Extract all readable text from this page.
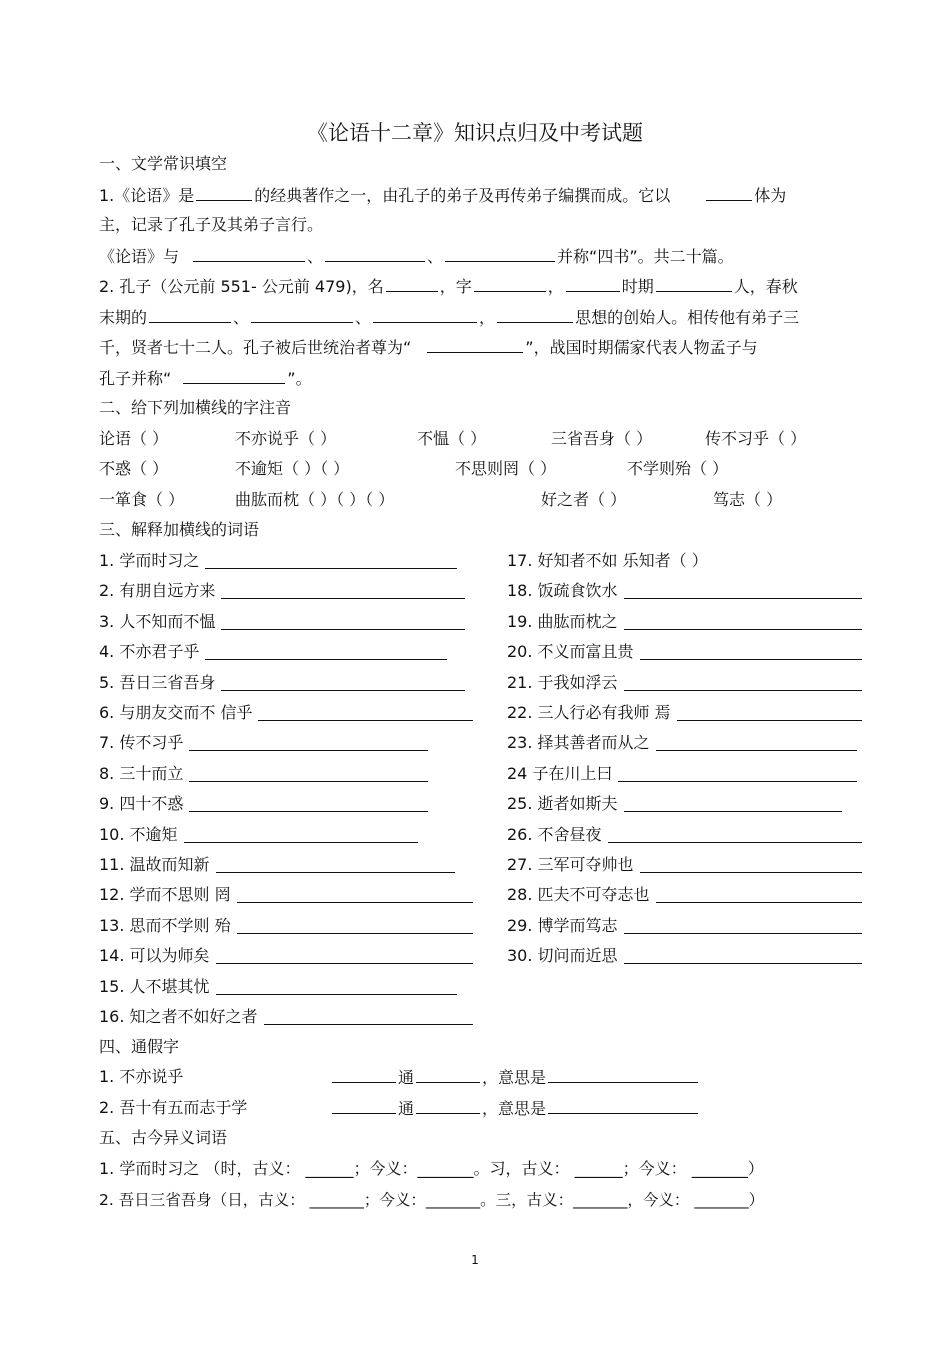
《论语十二章》知识点归及中考试题
一、文学常识填空
1.《论语》是	的经典著作之一，由孔子的弟子及再传弟子编撰而成。它以	体为
主，记录了孔子及其弟子言行。
《论语》与	、	、	并称“四书”。共二十篇。
2. 孔子（公元前 551- 公元前 479)，名	，字	，	时期	人，春秋
末期的	、	、	，	思想的创始人。相传他有弟子三
千，贤者七十二人。孔子被后世统治者尊为“	”，战国时期儒家代表人物孟子与
孔子并称“	”。
二、给下列加横线的字注音
论语（ ）	不亦说乎（ ）	不愠（ ）	三省吾身（ ）	传不习乎（ ）
不惑（ ）	不逾矩（ ）（ ）	不思则罔（ ）	不学则殆（ ）
一箪食（ ）	曲肱而枕（ ）（ ）（ ）	好之者（ ）	笃志（ ）
三、解释加横线的词语
1. 学而时习之
2. 有朋自远方来
3. 人不知而不愠
4. 不亦君子乎
5. 吾日三省吾身
6. 与朋友交而不 信乎
7. 传不习乎
8. 三十而立
9. 四十不惑
10. 不逾矩
11. 温故而知新
12. 学而不思则 罔
13. 思而不学则 殆
14. 可以为师矣
15. 人不堪其忧
16. 知之者不如好之者
17. 好知者不如 乐知者（ ）
18. 饭疏食饮水
19. 曲肱而枕之
20. 不义而富且贵
21. 于我如浮云
22. 三人行必有我师 焉
23. 择其善者而从之
24 子在川上曰
25. 逝者如斯夫
26. 不舍昼夜
27. 三军可夺帅也
28. 匹夫不可夺志也
29. 博学而笃志
30. 切问而近思
四、通假字
1. 不亦说乎	通	，意思是
2. 吾十有五而志于学	通	，意思是
五、古今异义词语
1. 学而时习之 （时，古义： ______；今义：_______。习，古义： ______；今义： _______）
2. 吾日三省吾身（日，古义： _______；今义：_______。三，古义：_______，今义： _______）
1
